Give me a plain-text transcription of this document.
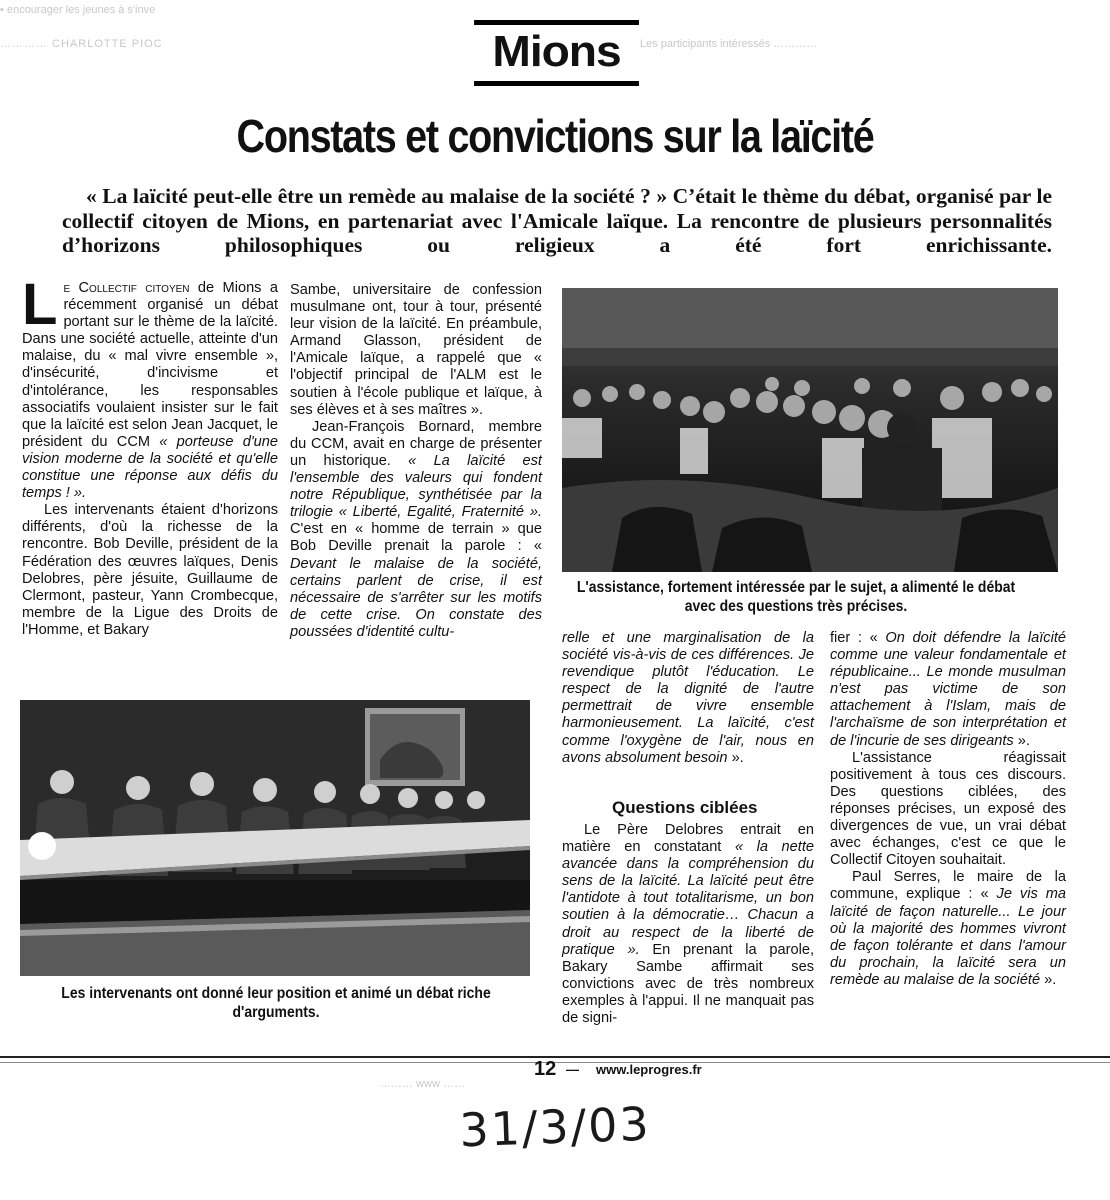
▪ encourager les jeunes à s'inve
………… CHARLOTTE PIOC	Les participants intéressés …………
Mions
Constats et convictions sur la laïcité
« La laïcité peut-elle être un remède au malaise de la société ? » C’était le thème du débat, organisé par le collectif citoyen de Mions, en partenariat avec l'Amicale laïque. La rencontre de plusieurs personnalités d’horizons philosophiques ou religieux a été fort enrichissante.

Le Collectif citoyen de Mions a récemment organisé un débat portant sur le thème de la laïcité. Dans une société actuelle, atteinte d'un malaise, du « mal vivre ensemble », d'insécurité, d'incivisme et d'intolérance, les responsables associatifs voulaient insister sur le fait que la laïcité est selon Jean Jacquet, le président du CCM « porteuse d'une vision moderne de la société et qu'elle constitue une réponse aux défis du temps ! ».

Les intervenants étaient d'horizons différents, d'où la richesse de la rencontre. Bob Deville, président de la Fédération des œuvres laïques, Denis Delobres, père jésuite, Guillaume de Clermont, pasteur, Yann Crombecque, membre de la Ligue des Droits de l'Homme, et Bakary

Sambe, universitaire de confession musulmane ont, tour à tour, présenté leur vision de la laïcité. En préambule, Armand Glasson, président de l'Amicale laïque, a rappelé que « l'objectif principal de l'ALM est le soutien à l'école publique et laïque, à ses élèves et à ses maîtres ».

Jean-François Bornard, membre du CCM, avait en charge de présenter un historique. « La laïcité est l'ensemble des valeurs qui fondent notre République, synthétisée par la trilogie « Liberté, Egalité, Fraternité ». C'est en « homme de terrain » que Bob Deville prenait la parole : « Devant le malaise de la société, certains parlent de crise, il est nécessaire de s'arrêter sur les motifs de cette crise. On constate des poussées d'identité cultu-

L'assistance, fortement intéressée par le sujet, a alimenté le débat avec des questions très précises.
Les intervenants ont donné leur position et animé un débat riche d'arguments.

relle et une marginalisation de la société vis-à-vis de ces différences. Je revendique plutôt l'éducation. Le respect de la dignité de l'autre permettrait de vivre ensemble harmonieusement. La laïcité, c'est comme l'oxygène de l'air, nous en avons absolument besoin ».

Questions ciblées

Le Père Delobres entrait en matière en constatant « la nette avancée dans la compréhension du sens de la laïcité. La laïcité peut être l'antidote à tout totalitarisme, un bon soutien à la démocratie… Chacun a droit au respect de la liberté de pratique ». En prenant la parole, Bakary Sambe affirmait ses convictions avec de très nombreux exemples à l'appui. Il ne manquait pas de signi-

fier : « On doit défendre la laïcité comme une valeur fondamentale et républicaine... Le monde musulman n'est pas victime de son attachement à l'Islam, mais de l'archaïsme de son interprétation et de l'incurie de ses dirigeants ».

L'assistance réagissait positivement à tous ces discours. Des questions ciblées, des réponses précises, un exposé des divergences de vue, un vrai débat avec échanges, c'est ce que le Collectif Citoyen souhaitait.

Paul Serres, le maire de la commune, explique : « Je vis ma laïcité de façon naturelle... Le jour où la majorité des hommes vivront de façon tolérante et dans l'amour du prochain, la laïcité sera un remède au malaise de la société ».

……… www ……
12 — www.leprogres.fr
31/3/03
